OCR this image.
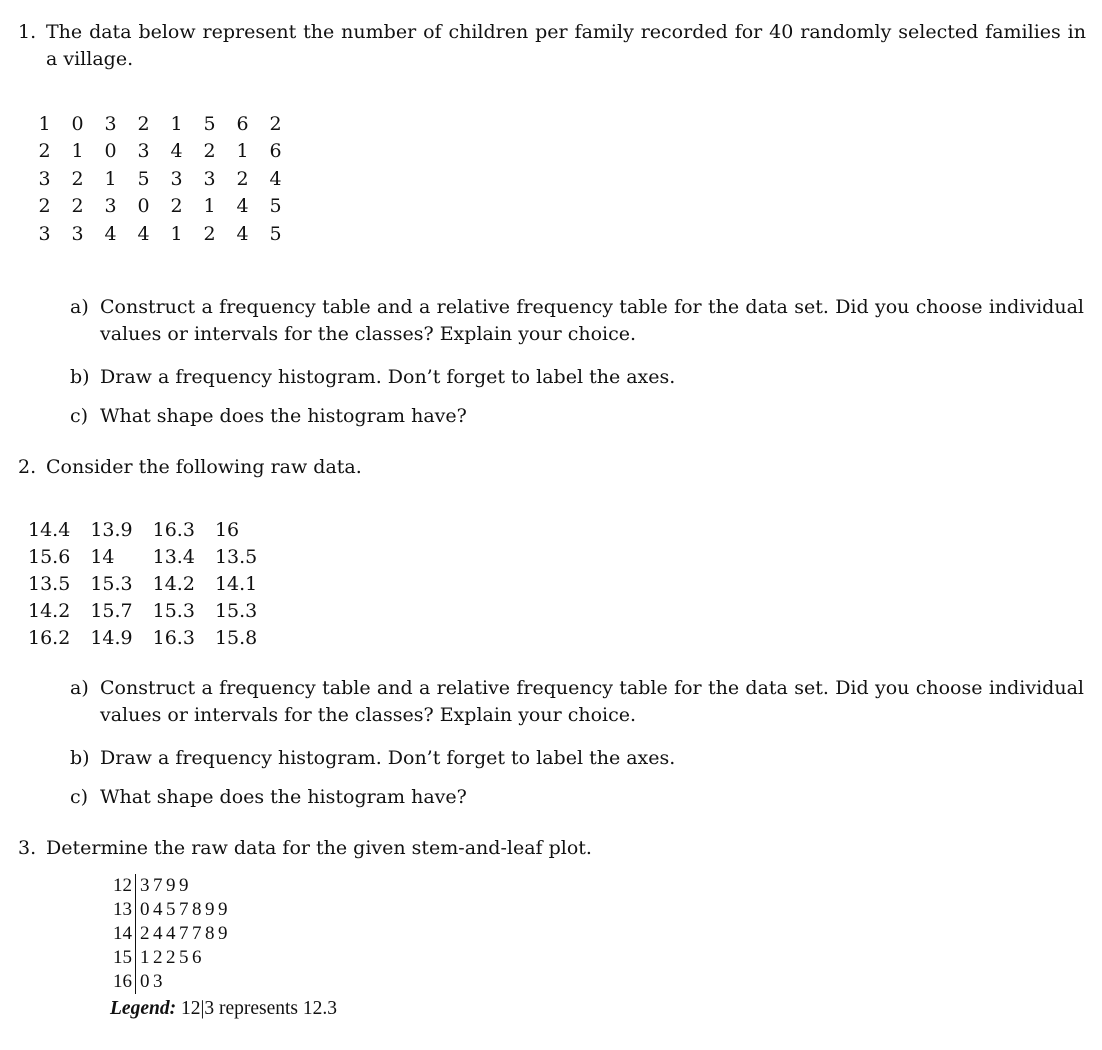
1. The data below represent the number of children per family recorded for 40 randomly selected families in a village.
1	0	3	2	1	5	6	2
2	1	0	3	4	2	1	6
3	2	1	5	3	3	2	4
2	2	3	0	2	1	4	5
3	3	4	4	1	2	4	5
a) Construct a frequency table and a relative frequency table for the data set. Did you choose individual values or intervals for the classes? Explain your choice.
b) Draw a frequency histogram. Don’t forget to label the axes.
c) What shape does the histogram have?
2. Consider the following raw data.
14.4	13.9	16.3	16
15.6	14	13.4	13.5
13.5	15.3	14.2	14.1
14.2	15.7	15.3	15.3
16.2	14.9	16.3	15.8
a) Construct a frequency table and a relative frequency table for the data set. Did you choose individual values or intervals for the classes? Explain your choice.
b) Draw a frequency histogram. Don’t forget to label the axes.
c) What shape does the histogram have?
3. Determine the raw data for the given stem-and-leaf plot.
12 3799
13 0457899
14 2447789
15 12256
16 03
Legend: 12|3 represents 12.3
